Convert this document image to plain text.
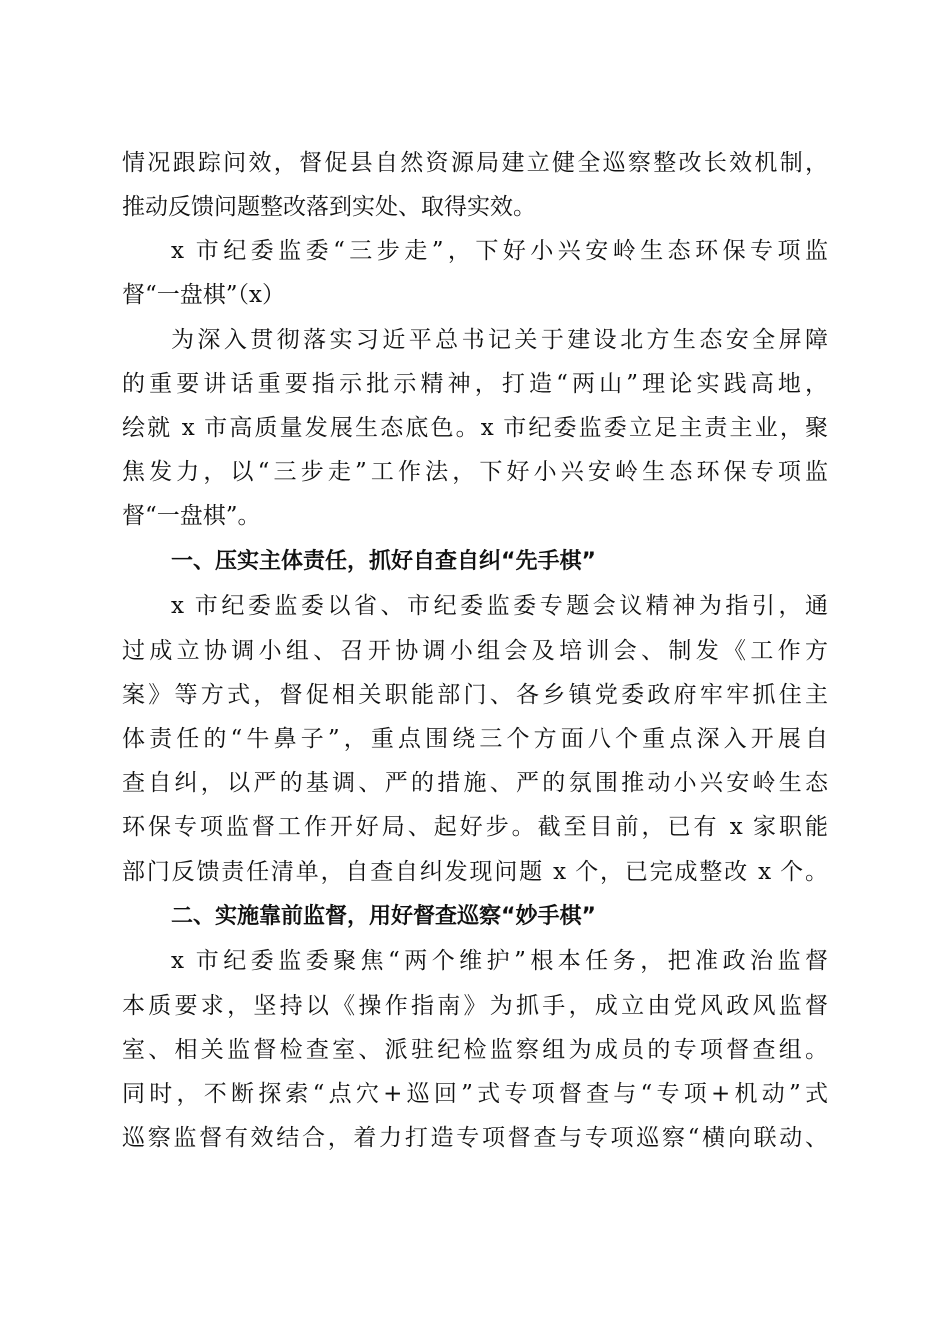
情况跟踪问效，督促县自然资源局建立健全巡察整改长效机制，
推动反馈问题整改落到实处、取得实效。
x 市纪委监委“三步走”，下好小兴安岭生态环保专项监
督“一盘棋”（x）
为深入贯彻落实习近平总书记关于建设北方生态安全屏障
的重要讲话重要指示批示精神，打造“两山”理论实践高地，
绘就 x 市高质量发展生态底色。x 市纪委监委立足主责主业，聚
焦发力，以“三步走”工作法，下好小兴安岭生态环保专项监
督“一盘棋”。
一、压实主体责任，抓好自查自纠“先手棋”
x 市纪委监委以省、市纪委监委专题会议精神为指引，通
过成立协调小组、召开协调小组会及培训会、制发《工作方
案》等方式，督促相关职能部门、各乡镇党委政府牢牢抓住主
体责任的“牛鼻子”，重点围绕三个方面八个重点深入开展自
查自纠，以严的基调、严的措施、严的氛围推动小兴安岭生态
环保专项监督工作开好局、起好步。截至目前，已有 x 家职能
部门反馈责任清单，自查自纠发现问题 x 个，已完成整改 x 个。
二、实施靠前监督，用好督查巡察“妙手棋”
x 市纪委监委聚焦“两个维护”根本任务，把准政治监督
本质要求，坚持以《操作指南》为抓手，成立由党风政风监督
室、相关监督检查室、派驻纪检监察组为成员的专项督查组。
同时，不断探索“点穴+巡回”式专项督查与“专项+机动”式
巡察监督有效结合，着力打造专项督查与专项巡察“横向联动、
